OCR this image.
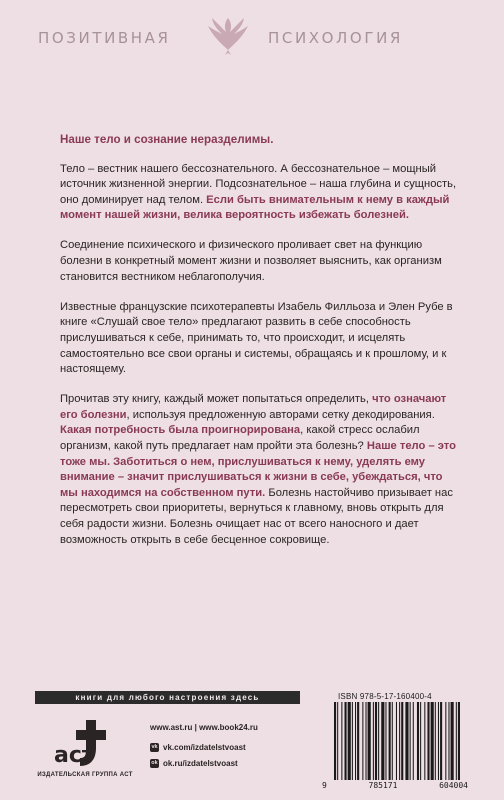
ПОЗИТИВНАЯ	ПСИХОЛОГИЯ

Наше тело и сознание неразделимы.

Тело – вестник нашего бессознательного. А бессознательное – мощный источник жизненной энергии. Подсознательное – наша глубина и сущность, оно доминирует над телом. Если быть внимательным к нему в каждый момент нашей жизни, велика вероятность избежать болезней.

Соединение психического и физического проливает свет на функцию болезни в конкретный момент жизни и позволяет выяснить, как организм становится вестником неблагополучия.

Известные французские психотерапевты Изабель Филльоза и Элен Рубе в книге «Слушай свое тело» предлагают развить в себе способность прислушиваться к себе, принимать то, что происходит, и исцелять самостоятельно все свои органы и системы, обращаясь и к прошлому, и к настоящему.

Прочитав эту книгу, каждый может попытаться определить, что означают его болезни, используя предложенную авторами сетку декодирования. Какая потребность была проигнорирована, какой стресс ослабил организм, какой путь предлагает нам пройти эта болезнь? Наше тело – это тоже мы. Заботиться о нем, прислушиваться к нему, уделять ему внимание – значит прислушиваться к жизни в себе, убеждаться, что мы находимся на собственном пути. Болезнь настойчиво призывает нас пересмотреть свои приоритеты, вернуться к главному, вновь открыть для себя радости жизни. Болезнь очищает нас от всего наносного и дает возможность открыть в себе бесценное сокровище.

книги для любого настроения здесь
аст
ИЗДАТЕЛЬСКАЯ ГРУППА АСТ
www.ast.ru | www.book24.ru
vk vk.com/izdatelstvoast
ok ok.ru/izdatelstvoast
ISBN 978-5-17-160400-4
9	785171	604004
